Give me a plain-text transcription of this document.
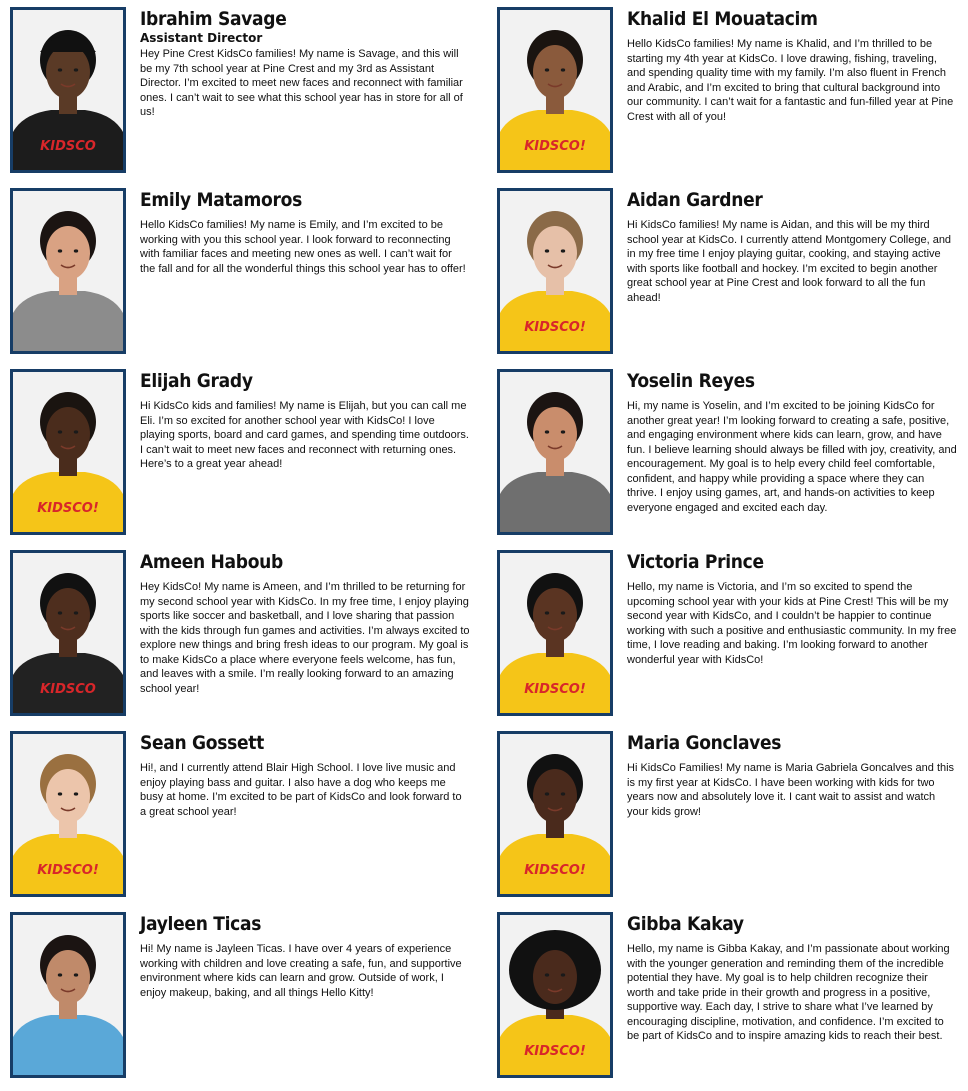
KIDSCO
Ibrahim Savage
Assistant Director

Hey Pine Crest KidsCo families! My name is Savage, and this will be my 7th school year at Pine Crest and my 3rd as Assistant Director. I’m excited to meet new faces and reconnect with familiar ones. I can’t wait to see what this school year has in store for all of us!

KIDSCO!
Khalid El Mouatacim

Hello KidsCo families! My name is Khalid, and I’m thrilled to be starting my 4th year at KidsCo. I love drawing, fishing, traveling, and spending quality time with my family. I’m also fluent in French and Arabic, and I’m excited to bring that cultural background into our community. I can’t wait for a fantastic and fun-filled year at Pine Crest with all of you!

Emily Matamoros

Hello KidsCo families! My name is Emily, and I’m excited to be working with you this school year. I look forward to reconnecting with familiar faces and meeting new ones as well. I can’t wait for the fall and for all the wonderful things this school year has to offer!

KIDSCO!
Aidan Gardner

Hi KidsCo families! My name is Aidan, and this will be my third school year at KidsCo. I currently attend Montgomery College, and in my free time I enjoy playing guitar, cooking, and staying active with sports like football and hockey. I’m excited to begin another great school year at Pine Crest and look forward to all the fun ahead!

KIDSCO!
Elijah Grady

Hi KidsCo kids and families! My name is Elijah, but you can call me Eli. I’m so excited for another school year with KidsCo! I love playing sports, board and card games, and spending time outdoors. I can’t wait to meet new faces and reconnect with returning ones. Here’s to a great year ahead!

Yoselin Reyes

Hi, my name is Yoselin, and I’m excited to be joining KidsCo for another great year! I’m looking forward to creating a safe, positive, and engaging environment where kids can learn, grow, and have fun. I believe learning should always be filled with joy, creativity, and encouragement. My goal is to help every child feel comfortable, confident, and happy while providing a space where they can thrive. I enjoy using games, art, and hands-on activities to keep everyone engaged and excited each day.

KIDSCO
Ameen Haboub

Hey KidsCo! My name is Ameen, and I’m thrilled to be returning for my second school year with KidsCo. In my free time, I enjoy playing sports like soccer and basketball, and I love sharing that passion with the kids through fun games and activities. I’m always excited to explore new things and bring fresh ideas to our program. My goal is to make KidsCo a place where everyone feels welcome, has fun, and leaves with a smile. I’m really looking forward to an amazing school year!	KIDSCO!
Victoria Prince

Hello, my name is Victoria, and I’m so excited to spend the upcoming school year with your kids at Pine Crest! This will be my second year with KidsCo, and I couldn’t be happier to continue working with such a positive and enthusiastic community. In my free time, I love reading and baking. I’m looking forward to another wonderful year with KidsCo!

KIDSCO!
Sean Gossett

Hi!, and I currently attend Blair High School. I love live music and enjoy playing bass and guitar. I also have a dog who keeps me busy at home. I’m excited to be part of KidsCo and look forward to a great school year!

KIDSCO!
Maria Gonclaves

Hi KidsCo Families! My name is Maria Gabriela Goncalves and this is my first year at KidsCo. I have been working with kids for two years now and absolutely love it. I cant wait to assist and watch your kids grow!

Jayleen Ticas

Hi! My name is Jayleen Ticas. I have over 4 years of experience working with children and love creating a safe, fun, and supportive environment where kids can learn and grow. Outside of work, I enjoy makeup, baking, and all things Hello Kitty!

KIDSCO!
Gibba Kakay

Hello, my name is Gibba Kakay, and I’m passionate about working with the younger generation and reminding them of the incredible potential they have. My goal is to help children recognize their worth and take pride in their growth and progress in a positive, supportive way. Each day, I strive to share what I’ve learned by encouraging discipline, motivation, and confidence. I’m excited to be part of KidsCo and to inspire amazing kids to reach their best.
